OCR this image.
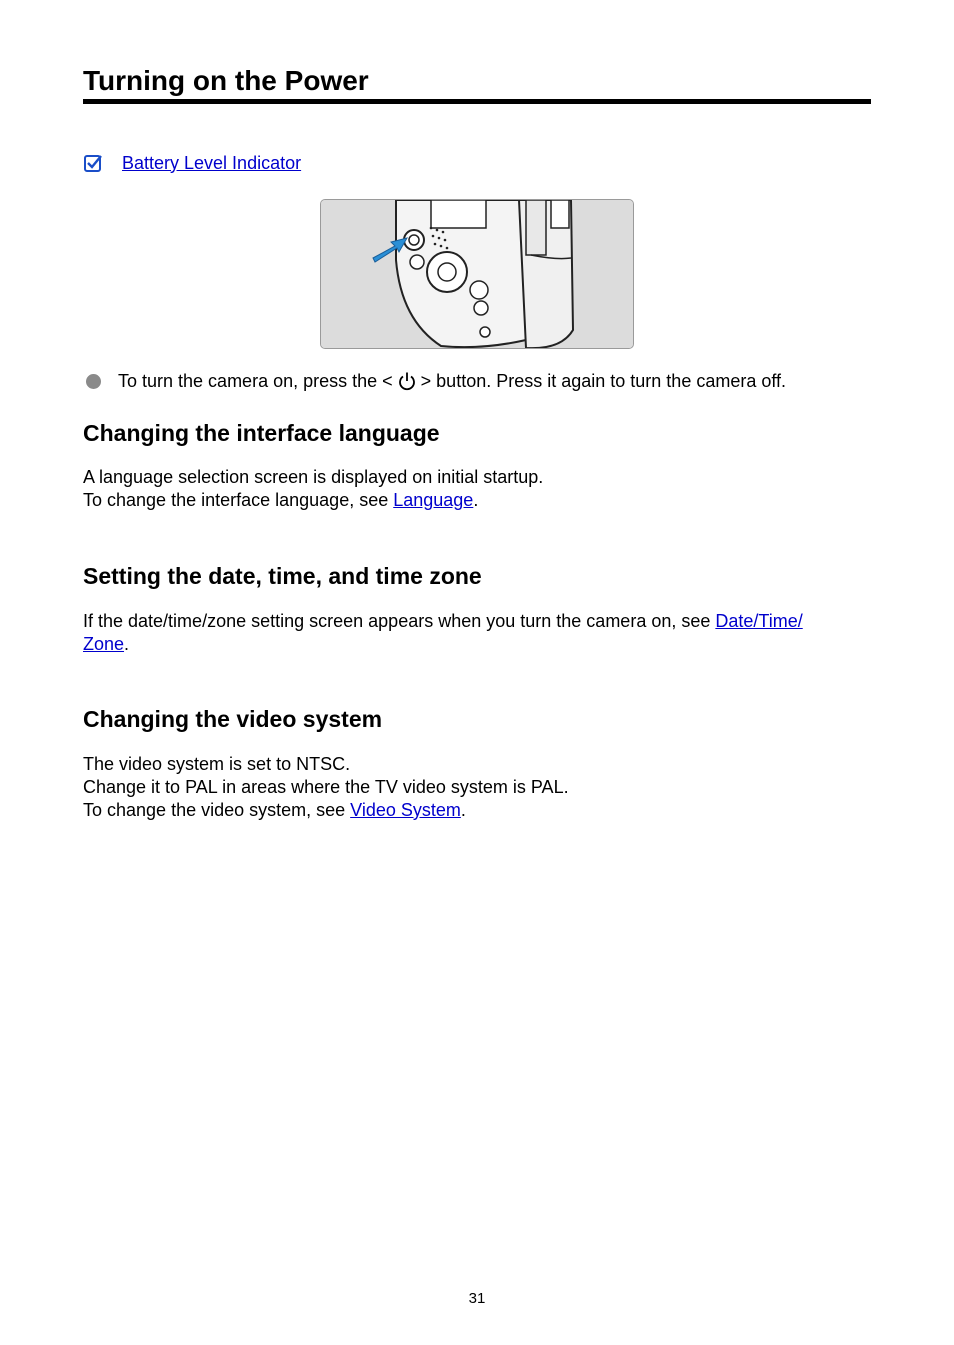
Turning on the Power
Battery Level Indicator
To turn the camera on, press the < > button. Press it again to turn the camera off.
Changing the interface language
A language selection screen is displayed on initial startup.
To change the interface language, see Language.
Setting the date, time, and time zone
If the date/time/zone setting screen appears when you turn the camera on, see Date/Time/
Zone.
Changing the video system
The video system is set to NTSC.
Change it to PAL in areas where the TV video system is PAL.
To change the video system, see Video System.
31
